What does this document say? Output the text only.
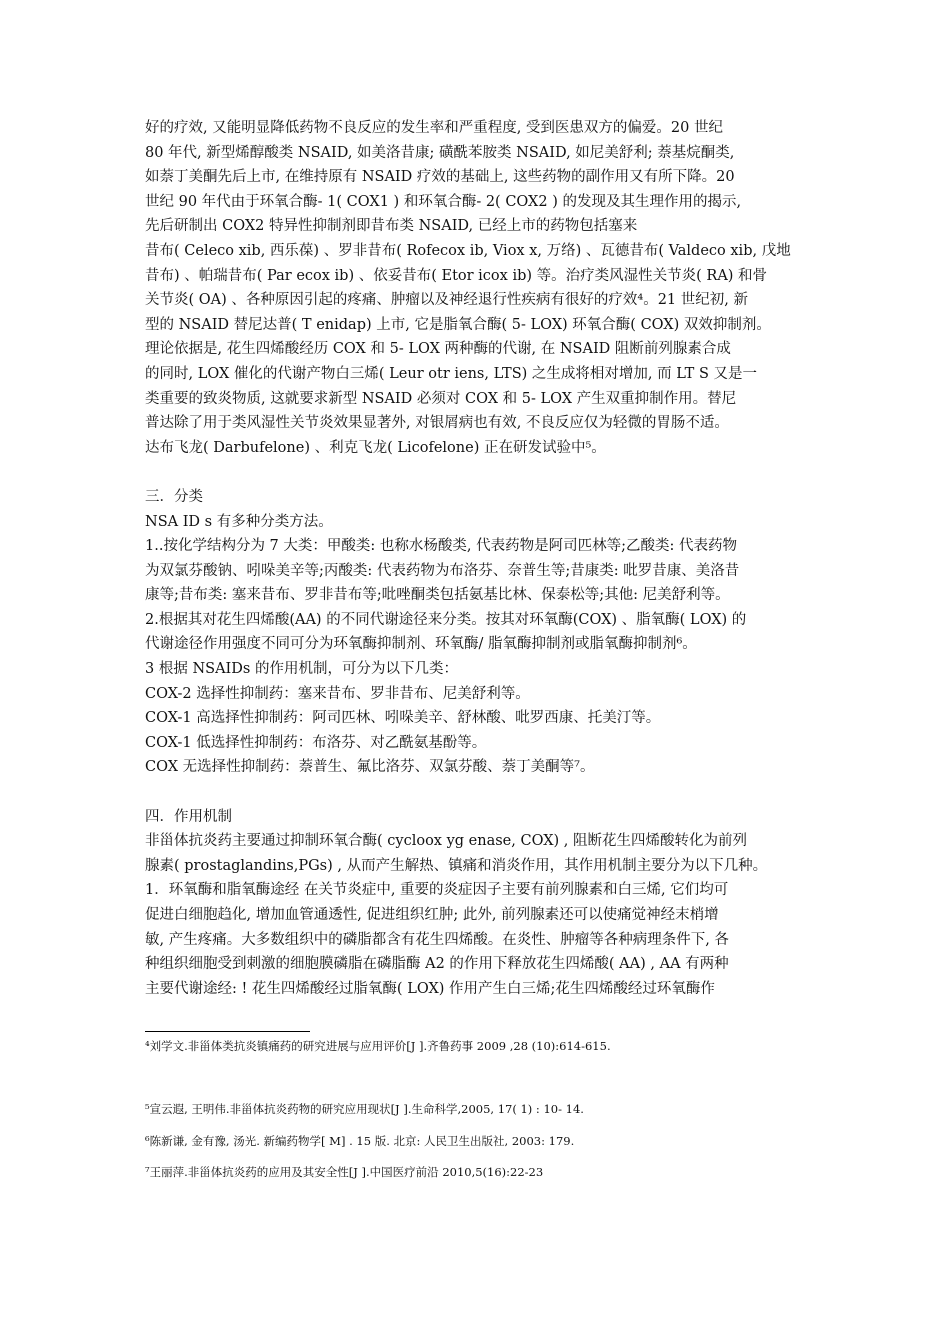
好的疗效, 又能明显降低药物不良反应的发生率和严重程度, 受到医患双方的偏爱。20 世纪
80 年代, 新型烯醇酸类 NSAID, 如美洛昔康; 磺酰苯胺类 NSAID, 如尼美舒利; 萘基烷酮类,
如萘丁美酮先后上市, 在维持原有 NSAID 疗效的基础上, 这些药物的副作用又有所下降。20
世纪 90 年代由于环氧合酶- 1( COX1 ) 和环氧合酶- 2( COX2 ) 的发现及其生理作用的揭示,
先后研制出 COX2 特异性抑制剂即昔布类 NSAID, 已经上市的药物包括塞来
昔布( Celeco xib, 西乐葆) 、罗非昔布( Rofecox ib, Viox x, 万络) 、瓦德昔布( Valdeco xib, 戊地
昔布) 、帕瑞昔布( Par ecox ib) 、依妥昔布( Etor icox ib) 等。治疗类风湿性关节炎( RA) 和骨
关节炎( OA) 、各种原因引起的疼痛、肿瘤以及神经退行性疾病有很好的疗效⁴。21 世纪初, 新
型的 NSAID 替尼达普( T enidap) 上市, 它是脂氧合酶( 5- LOX) 环氧合酶( COX) 双效抑制剂。
理论依据是, 花生四烯酸经历 COX 和 5- LOX 两种酶的代谢, 在 NSAID 阻断前列腺素合成
的同时, LOX 催化的代谢产物白三烯( Leur otr iens, LTS) 之生成将相对增加, 而 LT S 又是一
类重要的致炎物质, 这就要求新型 NSAID 必须对 COX 和 5- LOX 产生双重抑制作用。替尼
普达除了用于类风湿性关节炎效果显著外, 对银屑病也有效, 不良反应仅为轻微的胃肠不适。
达布飞龙( Darbufelone) 、利克飞龙( Licofelone) 正在研发试验中⁵。
三．分类
NSA ID s 有多种分类方法。
1..按化学结构分为 7 大类：甲酸类: 也称水杨酸类, 代表药物是阿司匹林等;乙酸类: 代表药物
为双氯芬酸钠、吲哚美辛等;丙酸类: 代表药物为布洛芬、奈普生等;昔康类: 吡罗昔康、美洛昔
康等;昔布类: 塞来昔布、罗非昔布等;吡唑酮类包括氨基比林、保泰松等;其他: 尼美舒利等。
2.根据其对花生四烯酸(AA) 的不同代谢途径来分类。按其对环氧酶(COX) 、脂氧酶( LOX) 的
代谢途径作用强度不同可分为环氧酶抑制剂、环氧酶/ 脂氧酶抑制剂或脂氧酶抑制剂⁶。
3 根据 NSAIDs 的作用机制，可分为以下几类：
COX-2 选择性抑制药：塞来昔布、罗非昔布、尼美舒利等。
COX-1 高选择性抑制药：阿司匹林、吲哚美辛、舒林酸、吡罗西康、托美汀等。
COX-1 低选择性抑制药：布洛芬、对乙酰氨基酚等。
COX 无选择性抑制药：萘普生、氟比洛芬、双氯芬酸、萘丁美酮等⁷。
四．作用机制
非甾体抗炎药主要通过抑制环氧合酶( cycloox yg enase, COX) , 阻断花生四烯酸转化为前列
腺素( prostaglandins,PGs) , 从而产生解热、镇痛和消炎作用，其作用机制主要分为以下几种。
1．环氧酶和脂氧酶途经 在关节炎症中, 重要的炎症因子主要有前列腺素和白三烯, 它们均可
促进白细胞趋化, 增加血管通透性, 促进组织红肿; 此外, 前列腺素还可以使痛觉神经末梢增
敏, 产生疼痛。大多数组织中的磷脂都含有花生四烯酸。在炎性、肿瘤等各种病理条件下, 各
种组织细胞受到刺激的细胞膜磷脂在磷脂酶 A2 的作用下释放花生四烯酸( AA) , AA 有两种
主要代谢途经: ! 花生四烯酸经过脂氧酶( LOX) 作用产生白三烯;花生四烯酸经过环氧酶作
⁴刘学文.非甾体类抗炎镇痛药的研究进展与应用评价[J ].齐鲁药事 2009 ,28 (10):614-615.
⁵宣云遐, 王明伟.非甾体抗炎药物的研究应用现状[J ].生命科学,2005, 17( 1) : 10- 14.
⁶陈新谦, 金有豫, 汤光. 新编药物学[ M] . 15 版. 北京: 人民卫生出版社, 2003: 179.
⁷王丽萍.非甾体抗炎药的应用及其安全性[J ].中国医疗前沿 2010,5(16):22-23
